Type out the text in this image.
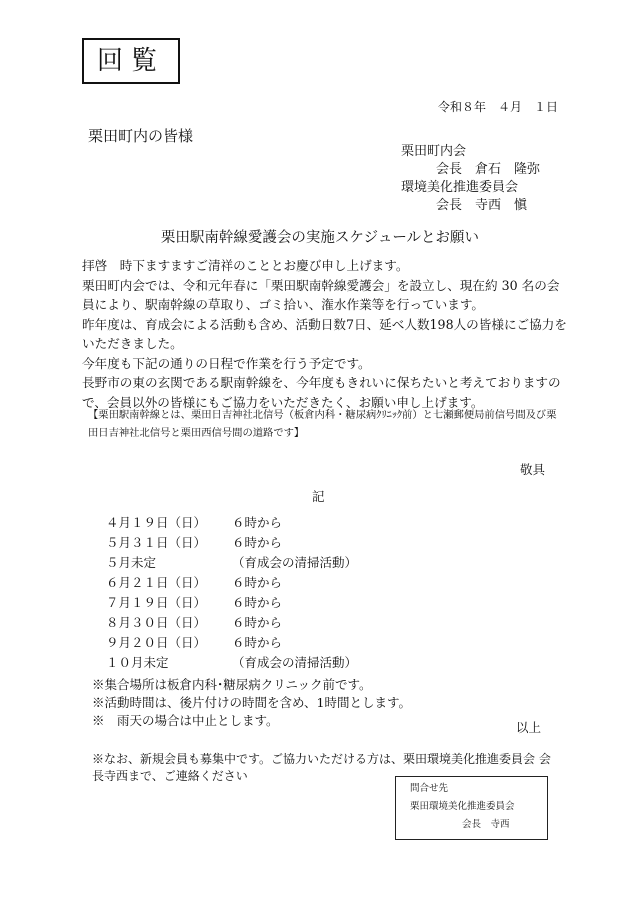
回覧
令和８年　４月　１日
栗田町内の皆様
栗田町内会
会長　倉石　隆弥
環境美化推進委員会
会長　寺西　愼
栗田駅南幹線愛護会の実施スケジュールとお願い

拝啓　時下ますますご清祥のこととお慶び申し上げます。

栗田町内会では、令和元年春に「栗田駅南幹線愛護会」を設立し、現在約 30 名の会員により、駅南幹線の草取り、ゴミ拾い、潅水作業等を行っています。

昨年度は、育成会による活動も含め、活動日数7日、延べ人数198人の皆様にご協力をいただきました。

今年度も下記の通りの日程で作業を行う予定です。

長野市の東の玄関である駅南幹線を、今年度もきれいに保ちたいと考えておりますので、会員以外の皆様にもご協力をいただきたく、お願い申し上げます。

【栗田駅南幹線とは、栗田日吉神社北信号（板倉内科・糖尿病ｸﾘﾆｯｸ前）と七瀬郵便局前信号間及び栗田日吉神社北信号と栗田西信号間の道路です】
敬具
記
４月１９日（日） ６時から
５月３１日（日） ６時から
５月未定	（育成会の清掃活動）
６月２１日（日） ６時から
７月１９日（日） ６時から
８月３０日（日） ６時から
９月２０日（日） ６時から
１０月未定	（育成会の清掃活動）

※集合場所は板倉内科･糖尿病クリニック前です。

※活動時間は、後片付けの時間を含め、1時間とします。

※　雨天の場合は中止とします。	以上
※なお、新規会員も募集中です。ご協力いただける方は、栗田環境美化推進委員会 会長寺西まで、ご連絡ください
問合せ先
栗田環境美化推進委員会
会長　寺西
